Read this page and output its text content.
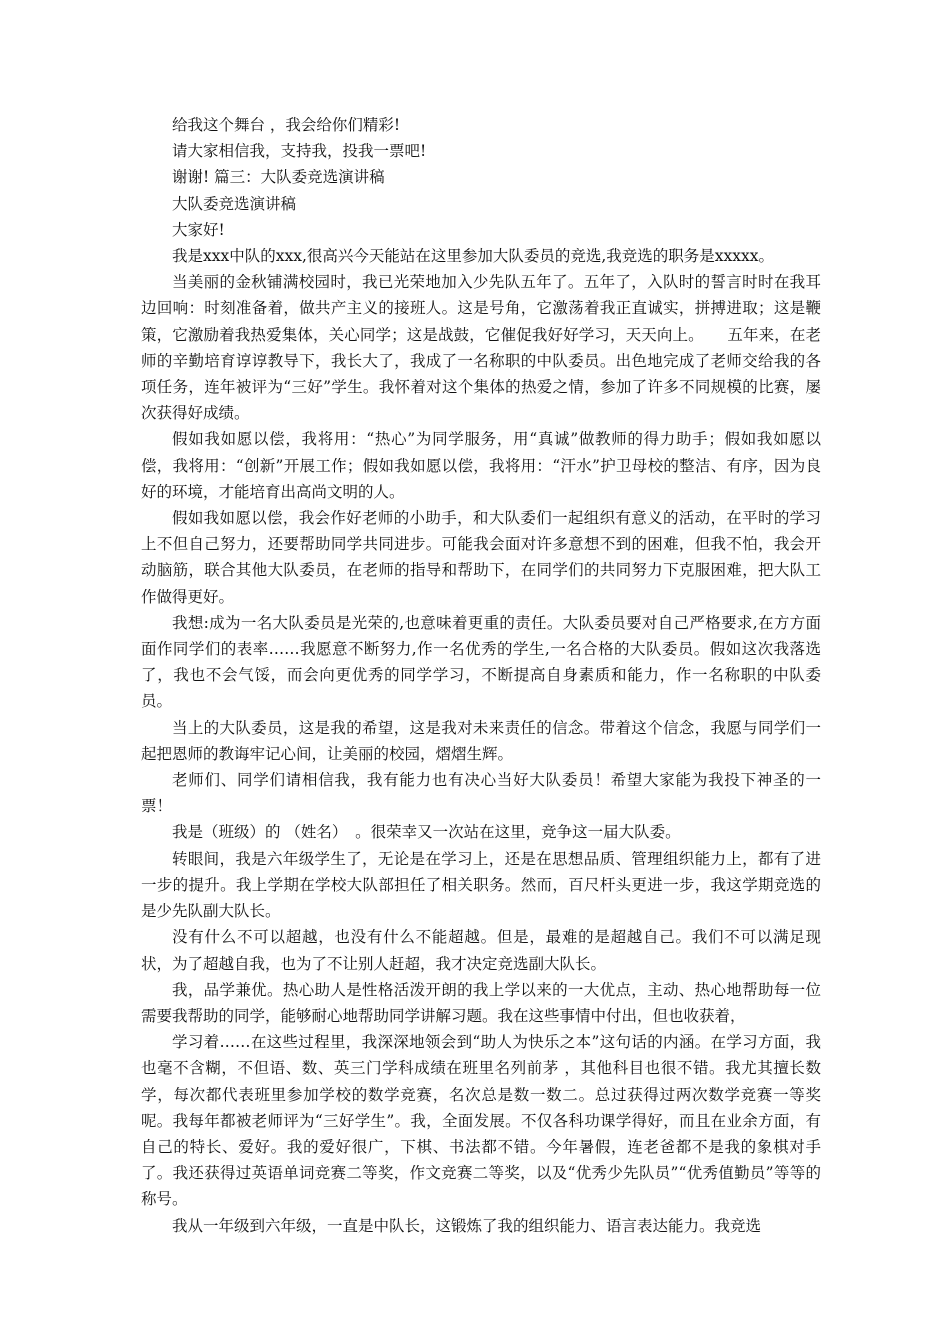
给我这个舞台 ，我会给你们精彩!

请大家相信我，支持我，投我一票吧!

谢谢! 篇三：大队委竞选演讲稿

大队委竞选演讲稿

大家好!

我是xxx中队的xxx,很高兴今天能站在这里参加大队委员的竞选,我竞选的职务是xxxxx。

当美丽的金秋铺满校园时，我已光荣地加入少先队五年了。五年了，入队时的誓言时时在我耳边回响：时刻准备着，做共产主义的接班人。这是号角，它激荡着我正直诚实，拼搏进取；这是鞭策，它激励着我热爱集体，关心同学；这是战鼓，它催促我好好学习，天天向上。　　五年来，在老师的辛勤培育谆谆教导下，我长大了，我成了一名称职的中队委员。出色地完成了老师交给我的各项任务，连年被评为“三好”学生。我怀着对这个集体的热爱之情，参加了许多不同规模的比赛，屡次获得好成绩。

假如我如愿以偿，我将用：“热心”为同学服务，用“真诚”做教师的得力助手；假如我如愿以偿，我将用：“创新”开展工作；假如我如愿以偿，我将用：“汗水”护卫母校的整洁、有序，因为良好的环境，才能培育出高尚文明的人。

假如我如愿以偿，我会作好老师的小助手，和大队委们一起组织有意义的活动，在平时的学习上不但自己努力，还要帮助同学共同进步。可能我会面对许多意想不到的困难，但我不怕，我会开动脑筋，联合其他大队委员，在老师的指导和帮助下，在同学们的共同努力下克服困难，把大队工作做得更好。

我想:成为一名大队委员是光荣的,也意味着更重的责任。大队委员要对自己严格要求,在方方面面作同学们的表率……我愿意不断努力,作一名优秀的学生,一名合格的大队委员。假如这次我落选了，我也不会气馁，而会向更优秀的同学学习，不断提高自身素质和能力，作一名称职的中队委员。

当上的大队委员，这是我的希望，这是我对未来责任的信念。带着这个信念，我愿与同学们一起把恩师的教诲牢记心间，让美丽的校园，熠熠生辉。

老师们、同学们请相信我，我有能力也有决心当好大队委员！希望大家能为我投下神圣的一票！

我是（班级）的 （姓名）　。很荣幸又一次站在这里，竞争这一届大队委。

转眼间，我是六年级学生了，无论是在学习上，还是在思想品质、管理组织能力上，都有了进一步的提升。我上学期在学校大队部担任了相关职务。然而，百尺杆头更进一步，我这学期竞选的是少先队副大队长。

没有什么不可以超越，也没有什么不能超越。但是，最难的是超越自己。我们不可以满足现状，为了超越自我，也为了不让别人赶超，我才决定竞选副大队长。

我，品学兼优。热心助人是性格活泼开朗的我上学以来的一大优点，主动、热心地帮助每一位需要我帮助的同学，能够耐心地帮助同学讲解习题。我在这些事情中付出，但也收获着，

学习着……在这些过程里，我深深地领会到“助人为快乐之本”这句话的内涵。在学习方面，我也毫不含糊，不但语、数、英三门学科成绩在班里名列前茅 ，其他科目也很不错。我尤其擅长数学，每次都代表班里参加学校的数学竞赛，名次总是数一数二。总过获得过两次数学竞赛一等奖呢。我每年都被老师评为“三好学生”。我，全面发展。不仅各科功课学得好，而且在业余方面，有自己的特长、爱好。我的爱好很广，下棋、书法都不错。今年暑假，连老爸都不是我的象棋对手了。我还获得过英语单词竞赛二等奖，作文竞赛二等奖，以及“优秀少先队员”“优秀值勤员”等等的称号。

我从一年级到六年级，一直是中队长，这锻炼了我的组织能力、语言表达能力。我竞选
